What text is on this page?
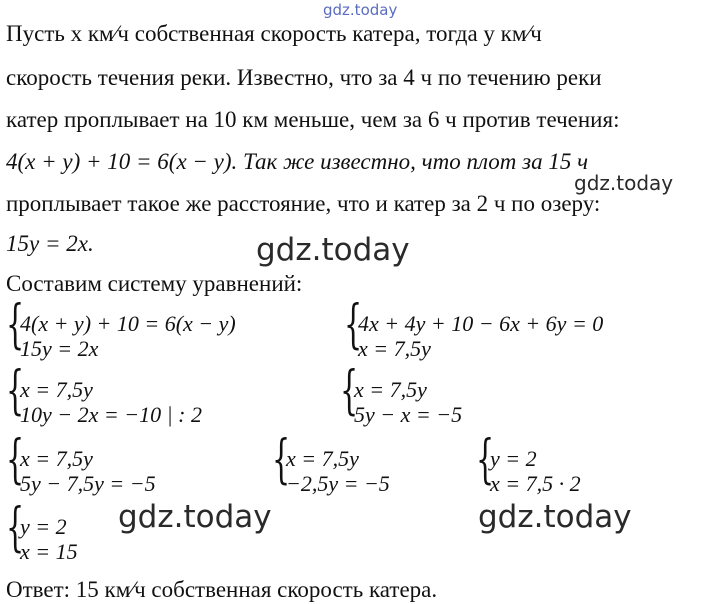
gdz.today
Пусть x км⁄ч собственная скорость катера, тогда y км⁄ч
скорость течения реки. Известно, что за 4 ч по течению реки
катер проплывает на 10 км меньше, чем за 6 ч против течения:
4(x + y) + 10 = 6(x − y). Так же известно, что плот за 15 ч
gdz.today
проплывает такое же расстояние, что и катер за 2 ч по озеру:
15y = 2x.	gdz.today
Составим систему уравнений:
{
4(x + y) + 10 = 6(x − y)
15y = 2x	{
4x + 4y + 10 − 6x + 6y = 0
x = 7,5y
{
x = 7,5y
10y − 2x = −10 | : 2	{
x = 7,5y
5y − x = −5
{
x = 7,5y
5y − 7,5y = −5 {
x = 7,5y
−2,5y = −5 {
y = 2
x = 7,5 · 2
gdz.today	gdz.today
{
y = 2
x = 15
Ответ: 15 км⁄ч собственная скорость катера.
